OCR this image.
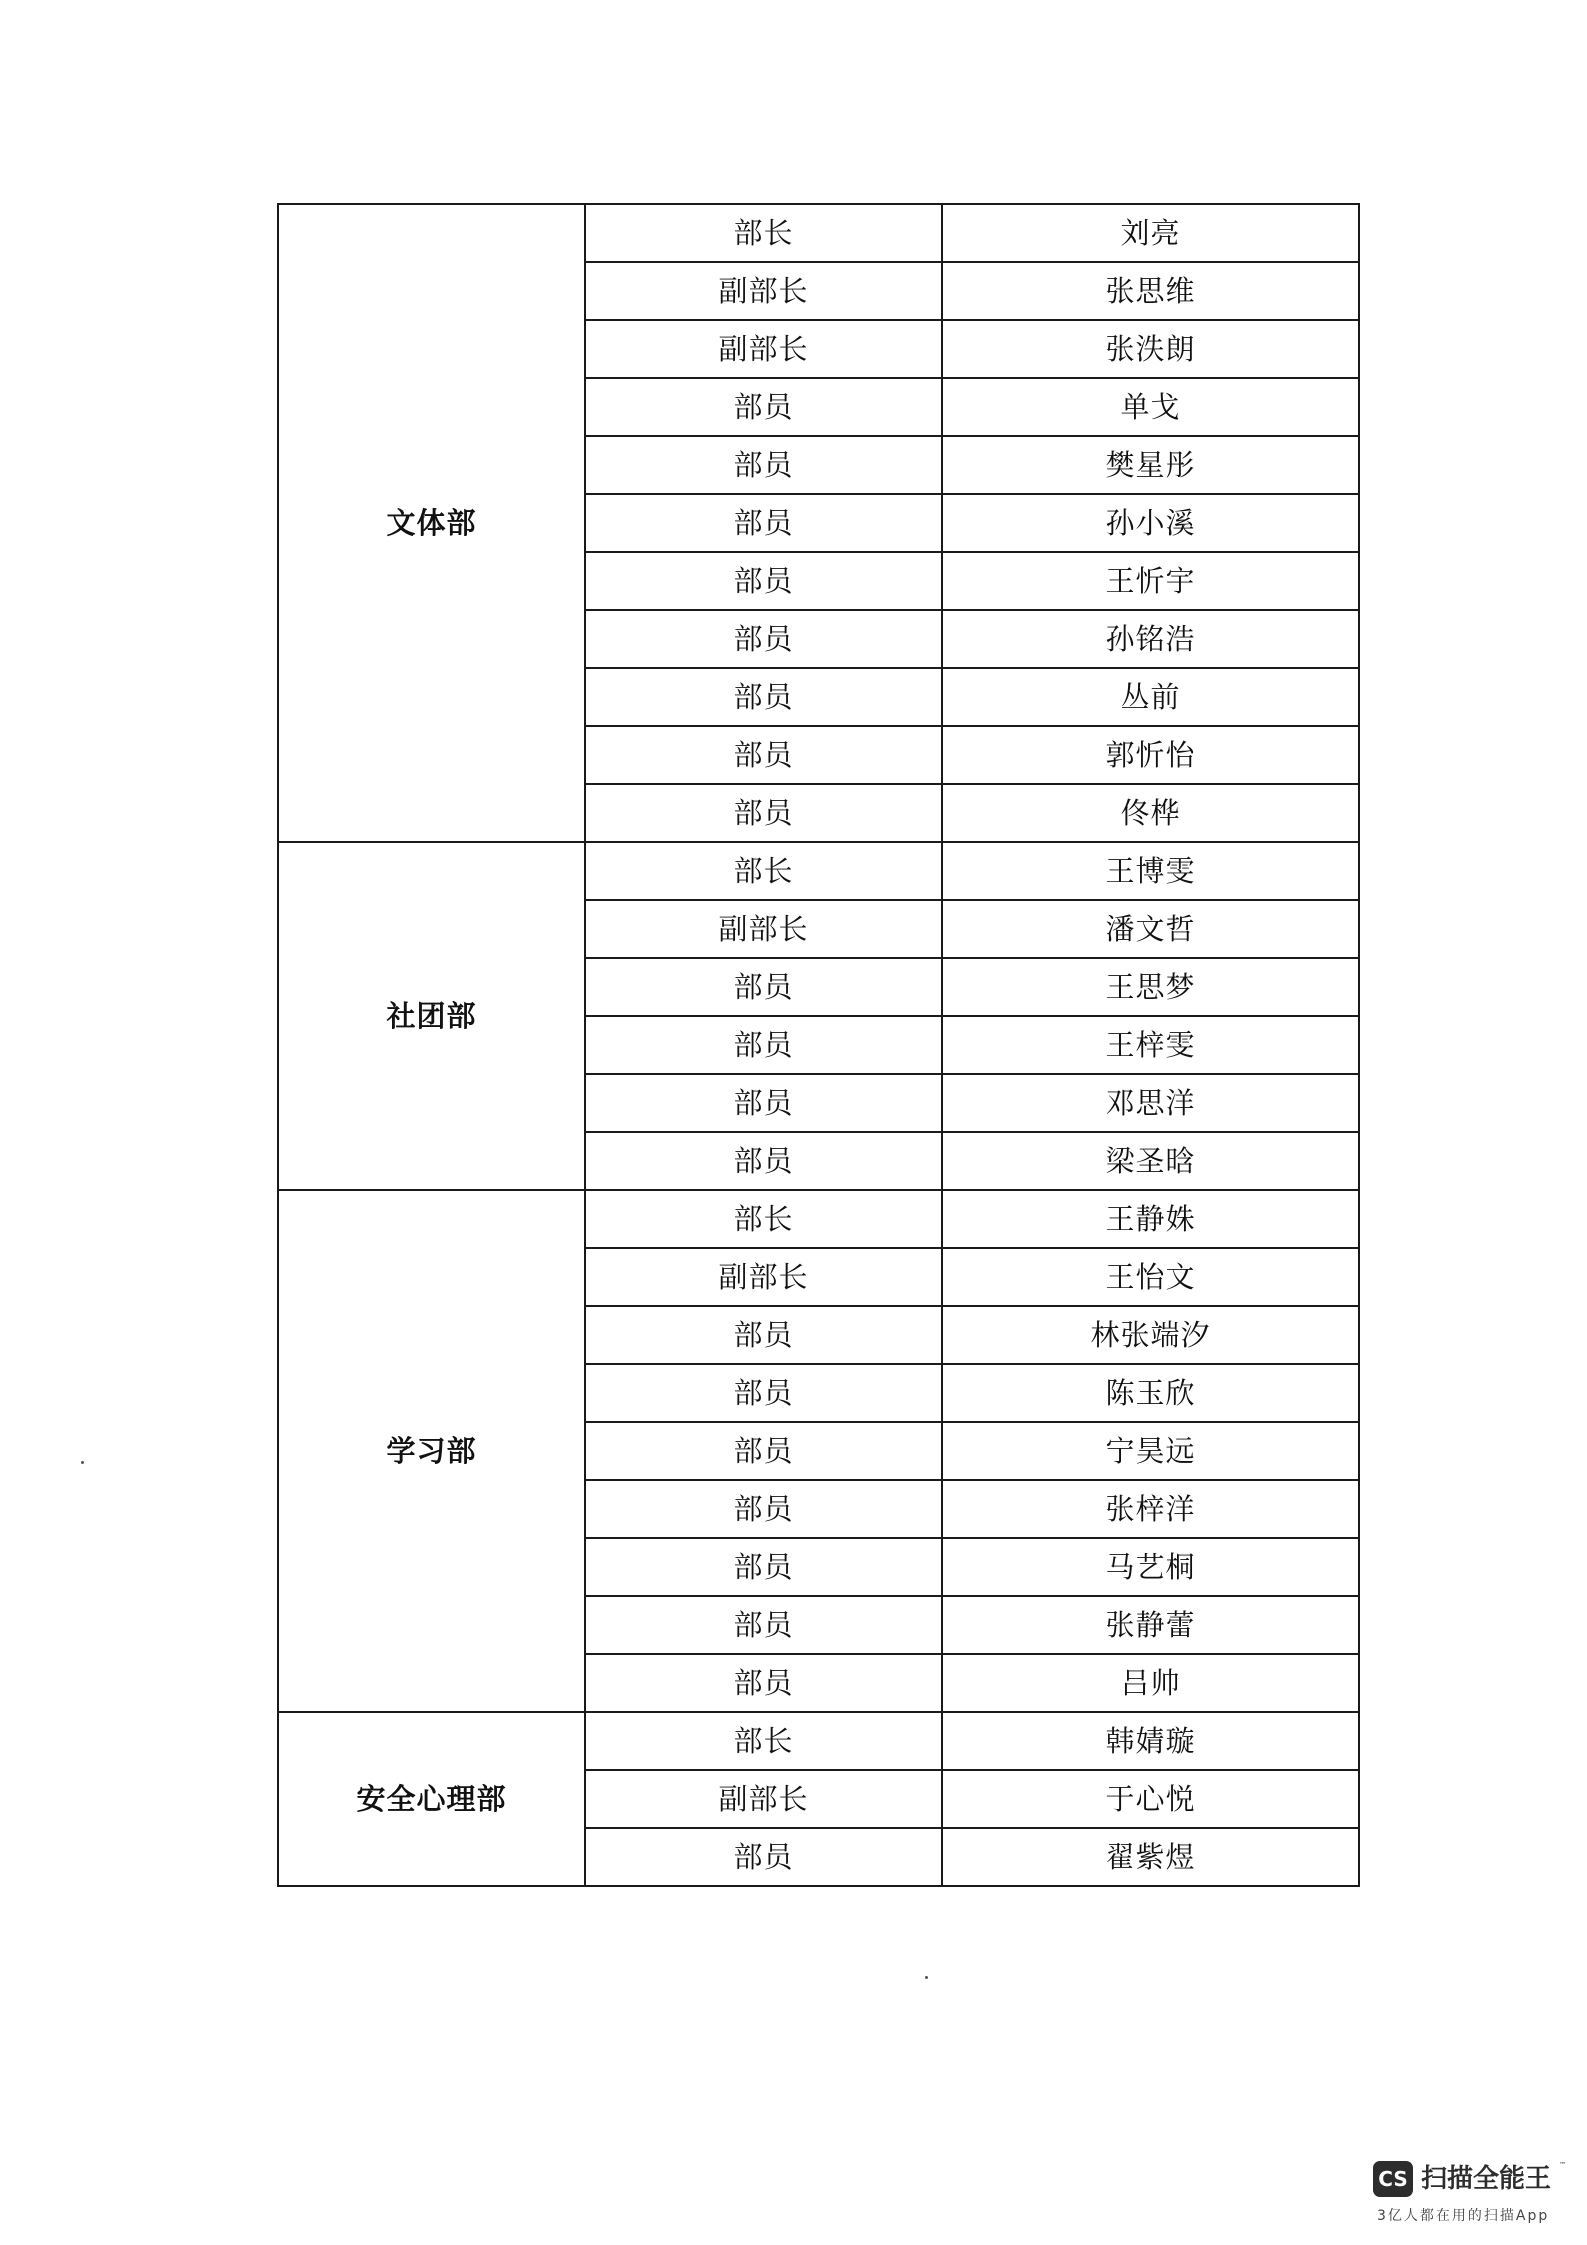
文体部	部长	刘亮
	副部长	张思维
	副部长	张泆朗
	部员	单戈
	部员	樊星彤
	部员	孙小溪
	部员	王忻宇
	部员	孙铭浩
	部员	丛前
	部员	郭忻怡
	部员	佟桦
社团部	部长	王博雯
	副部长	潘文哲
	部员	王思梦
	部员	王梓雯
	部员	邓思洋
	部员	梁圣晗
学习部	部长	王静姝
	副部长	王怡文
	部员	林张端汐
	部员	陈玉欣
	部员	宁昊远
	部员	张梓洋
	部员	马艺桐
	部员	张静蕾
	部员	吕帅
安全心理部	部长	韩婧璇
	副部长	于心悦
	部员	翟紫煜
CS 扫描全能王 ™
3亿人都在用的扫描App
